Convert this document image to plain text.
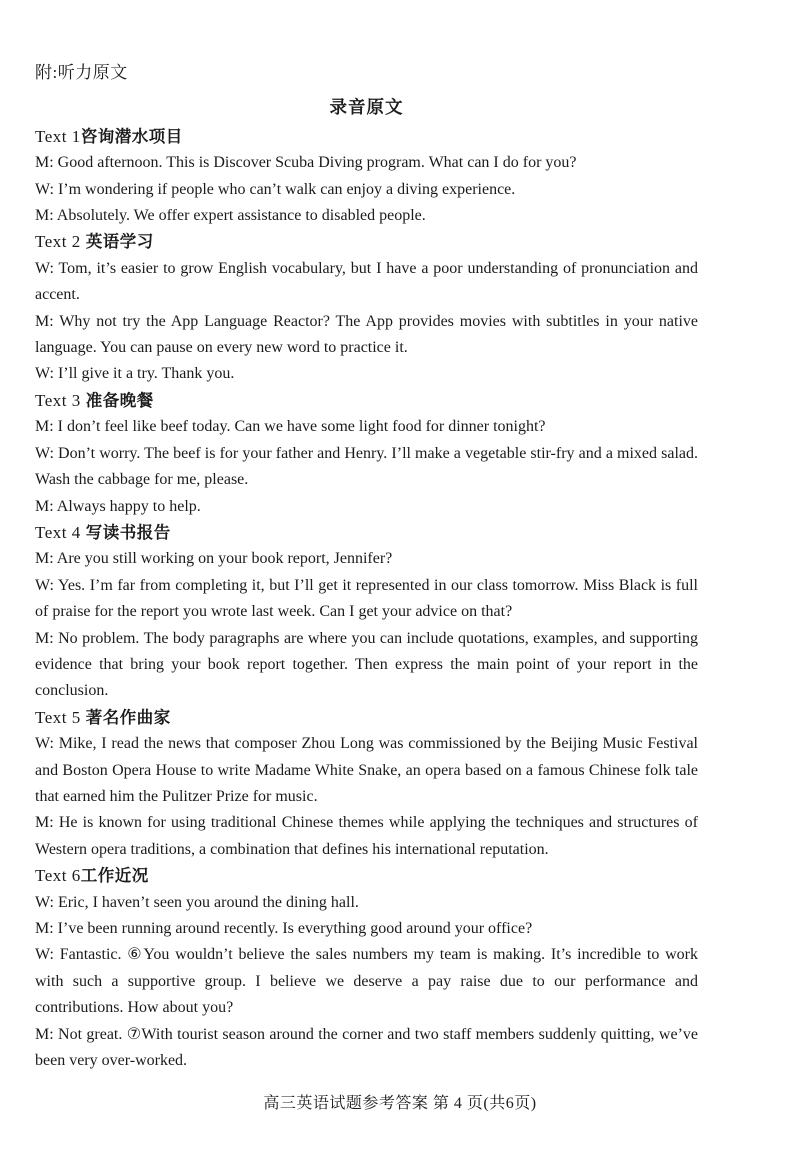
附:听力原文
录音原文
Text 1咨询潜水项目

M: Good afternoon. This is Discover Scuba Diving program. What can I do for you?

W: I’m wondering if people who can’t walk can enjoy a diving experience.

M: Absolutely. We offer expert assistance to disabled people.

Text 2 英语学习

W: Tom, it’s easier to grow English vocabulary, but I have a poor understanding of pronunciation and accent.

M: Why not try the App Language Reactor? The App provides movies with subtitles in your native language. You can pause on every new word to practice it.

W: I’ll give it a try. Thank you.

Text 3 准备晚餐

M: I don’t feel like beef today. Can we have some light food for dinner tonight?

W: Don’t worry. The beef is for your father and Henry. I’ll make a vegetable stir-fry and a mixed salad. Wash the cabbage for me, please.

M: Always happy to help.

Text 4 写读书报告

M: Are you still working on your book report, Jennifer?

W: Yes. I’m far from completing it, but I’ll get it represented in our class tomorrow. Miss Black is full of praise for the report you wrote last week. Can I get your advice on that?

M: No problem. The body paragraphs are where you can include quotations, examples, and supporting evidence that bring your book report together. Then express the main point of your report in the conclusion.

Text 5 著名作曲家

W: Mike, I read the news that composer Zhou Long was commissioned by the Beijing Music Festival and Boston Opera House to write Madame White Snake, an opera based on a famous Chinese folk tale that earned him the Pulitzer Prize for music.

M: He is known for using traditional Chinese themes while applying the techniques and structures of Western opera traditions, a combination that defines his international reputation.

Text 6工作近况

W: Eric, I haven’t seen you around the dining hall.

M: I’ve been running around recently. Is everything good around your office?

W: Fantastic. ⑥You wouldn’t believe the sales numbers my team is making. It’s incredible to work with such a supportive group. I believe we deserve a pay raise due to our performance and contributions. How about you?

M: Not great. ⑦With tourist season around the corner and two staff members suddenly quitting, we’ve been very over-worked.

高三英语试题参考答案 第 4 页(共6页)
